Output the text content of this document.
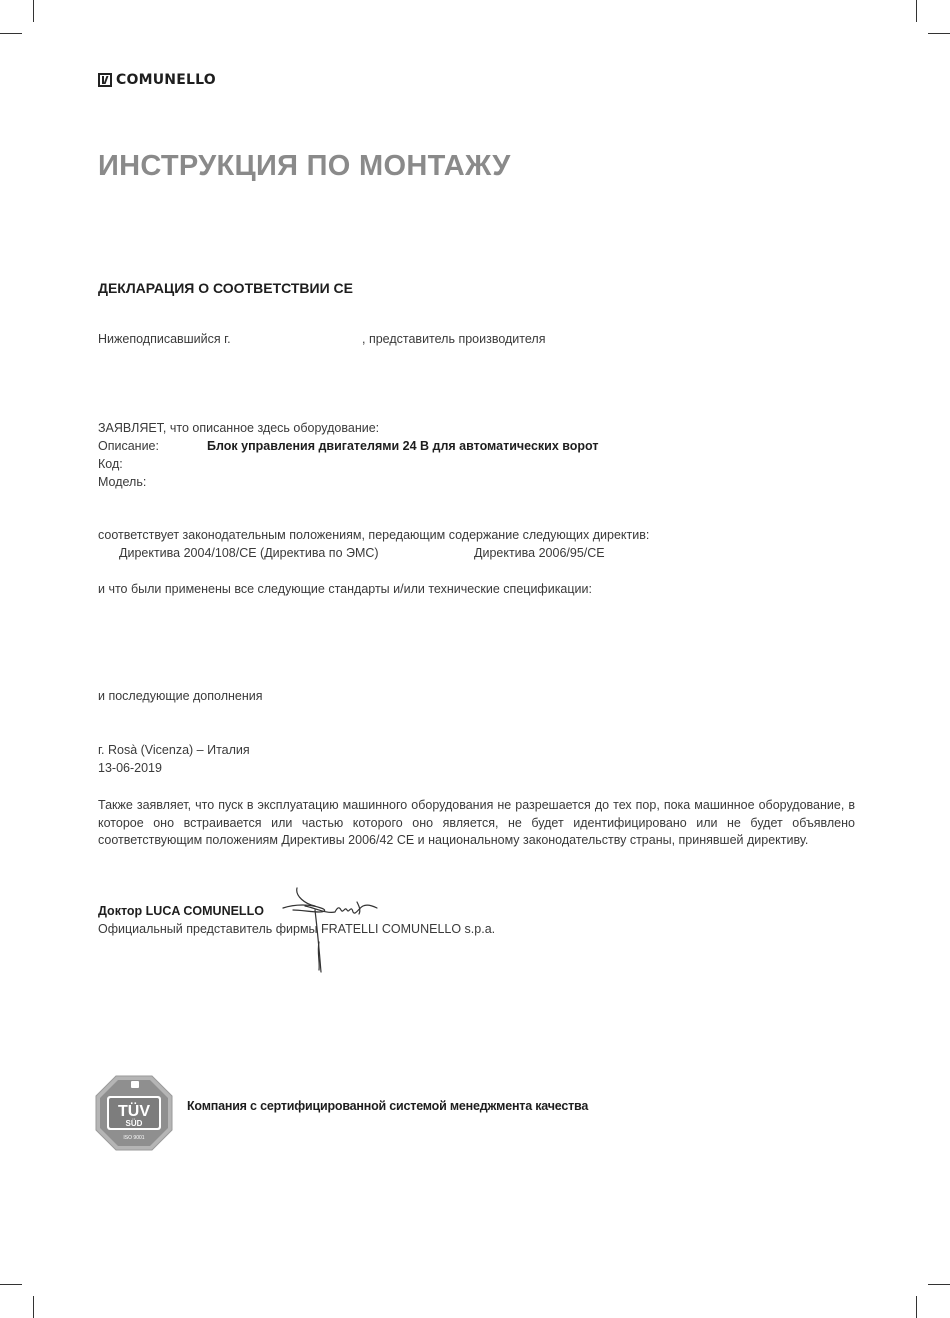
COMUNELLO
ИНСТРУКЦИЯ ПО МОНТАЖУ
ДЕКЛАРАЦИЯ О СООТВЕТСТВИИ CE
Нижеподписавшийся г.	, представитель производителя
ЗАЯВЛЯЕТ, что описанное здесь оборудование:
Описание:	Блок управления двигателями 24 В для автоматических ворот
Код:
Модель:
соответствует законодательным положениям, передающим содержание следующих директив:
Директива 2004/108/CE (Директива по ЭМС)	Директива 2006/95/CE
и что были применены все следующие стандарты и/или технические спецификации:
и последующие дополнения
г. Rosà (Vicenza) – Италия
13-06-2019
Также заявляет, что пуск в эксплуатацию машинного оборудования не разрешается до тех пор, пока машинное оборудование, в которое оно встраивается или частью которого оно является, не будет идентифицировано или не будет объявлено соответствующим положениям Директивы 2006/42 CE и национальному законодательству страны, принявшей директиву.
Доктор LUCA COMUNELLO
Официальный представитель фирмы FRATELLI COMUNELLO s.p.a.
TÜV
SÜD
ISO 9001
Компания с сертифицированной системой менеджмента качества
